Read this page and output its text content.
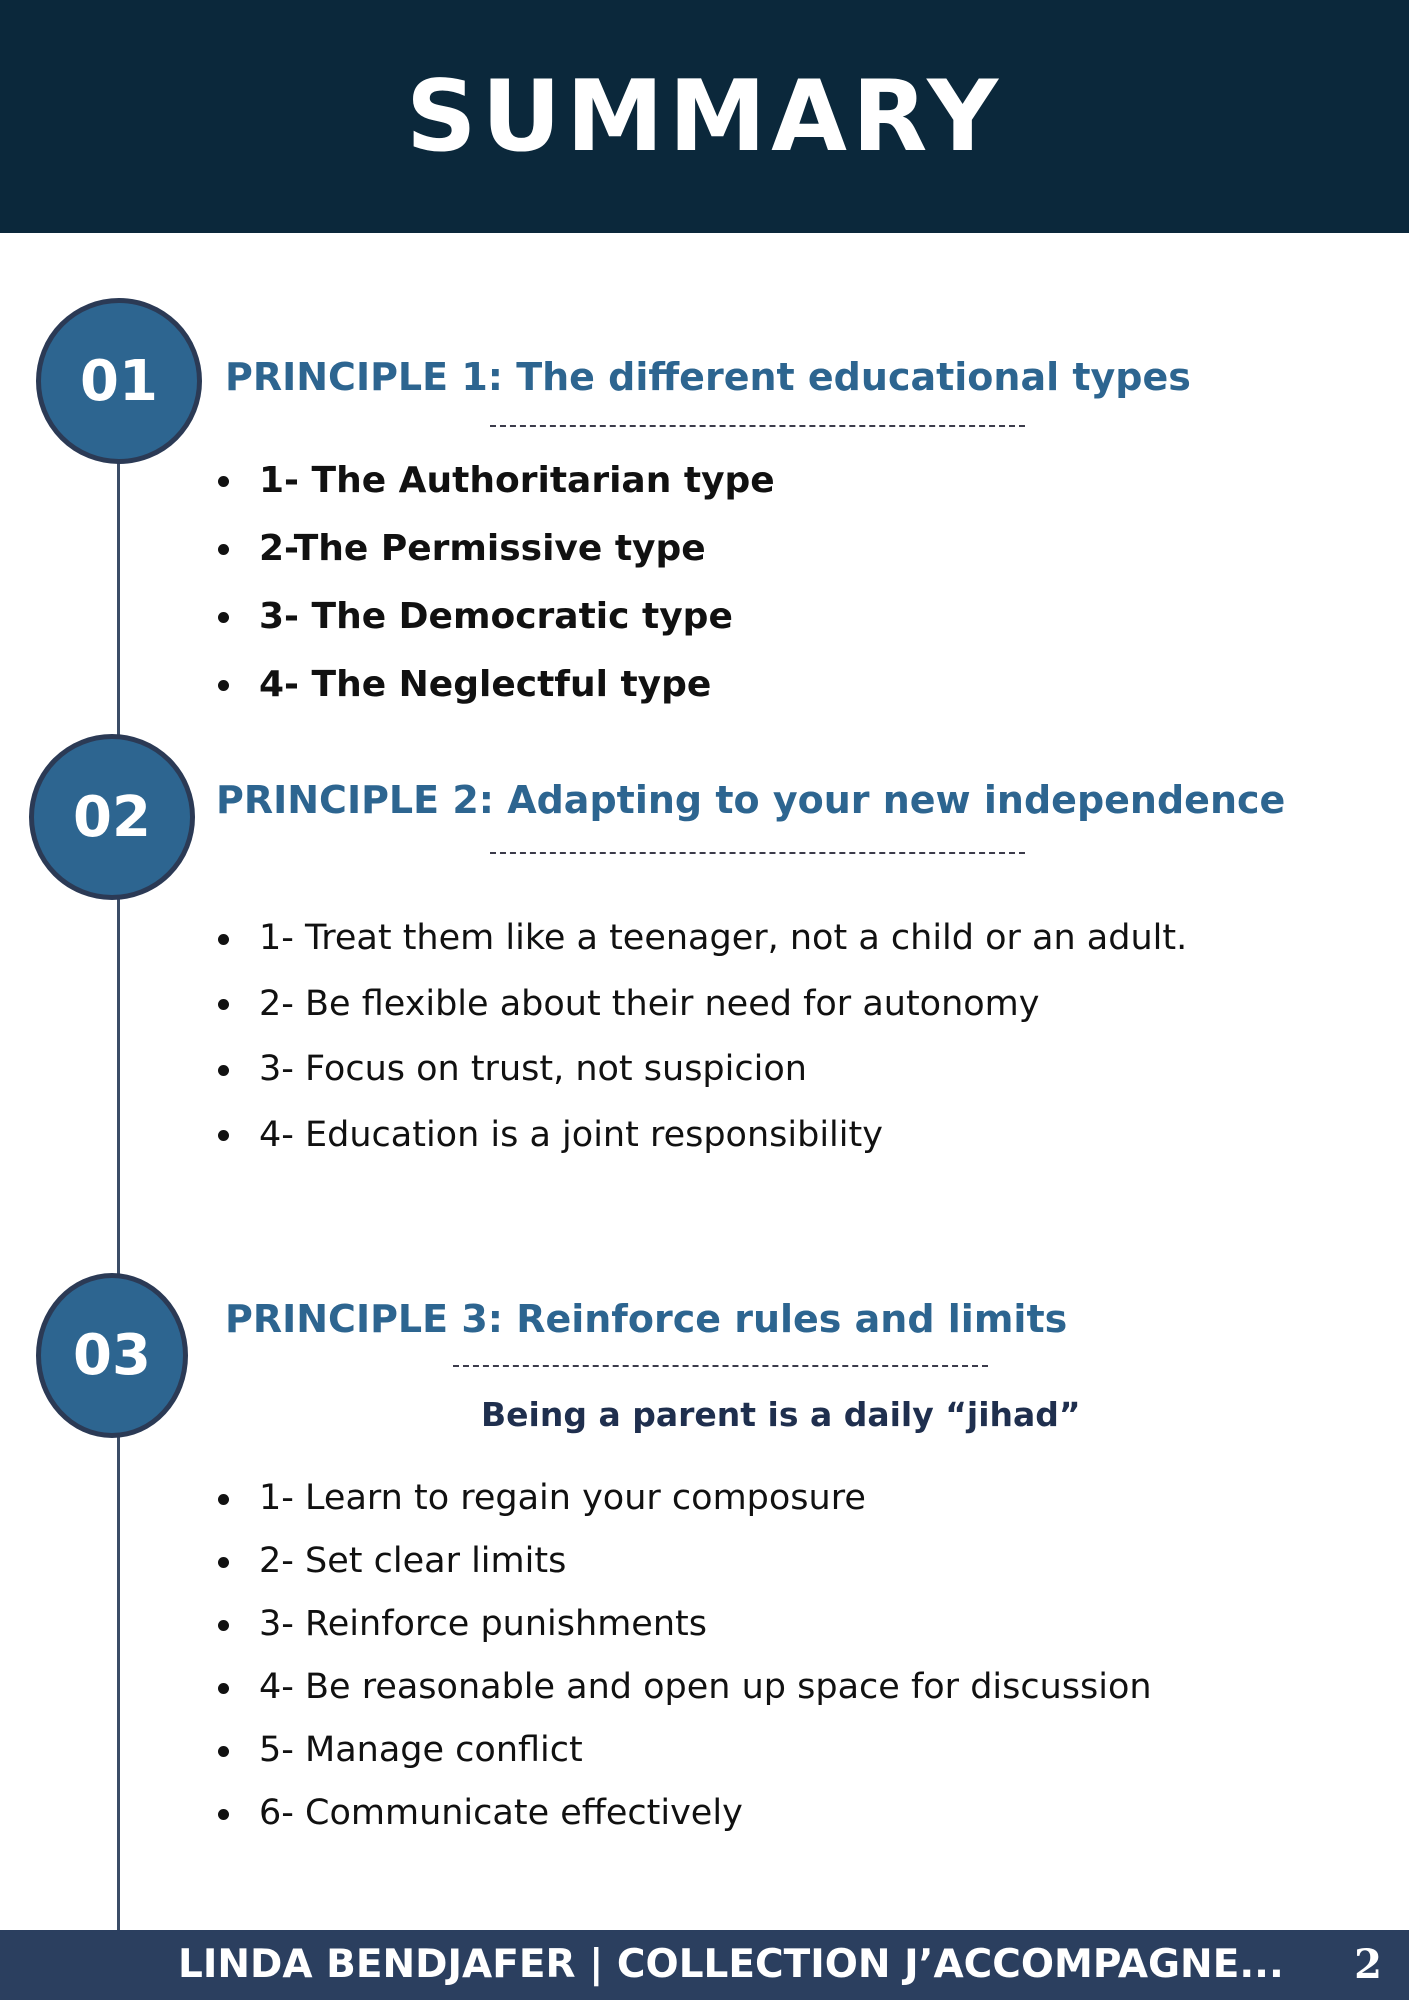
SUMMARY
01	PRINCIPLE 1: The different educational types
1- The Authoritarian type
2-The Permissive type
3- The Democratic type
4- The Neglectful type
02	PRINCIPLE 2: Adapting to your new independence
1- Treat them like a teenager, not a child or an adult.
2- Be flexible about their need for autonomy
3- Focus on trust, not suspicion
4- Education is a joint responsibility
03
PRINCIPLE 3: Reinforce rules and limits
Being a parent is a daily “jihad”
1- Learn to regain your composure
2- Set clear limits
3- Reinforce punishments
4- Be reasonable and open up space for discussion
5- Manage conflict
6- Communicate effectively
LINDA BENDJAFER | COLLECTION J’ACCOMPAGNE... 2
